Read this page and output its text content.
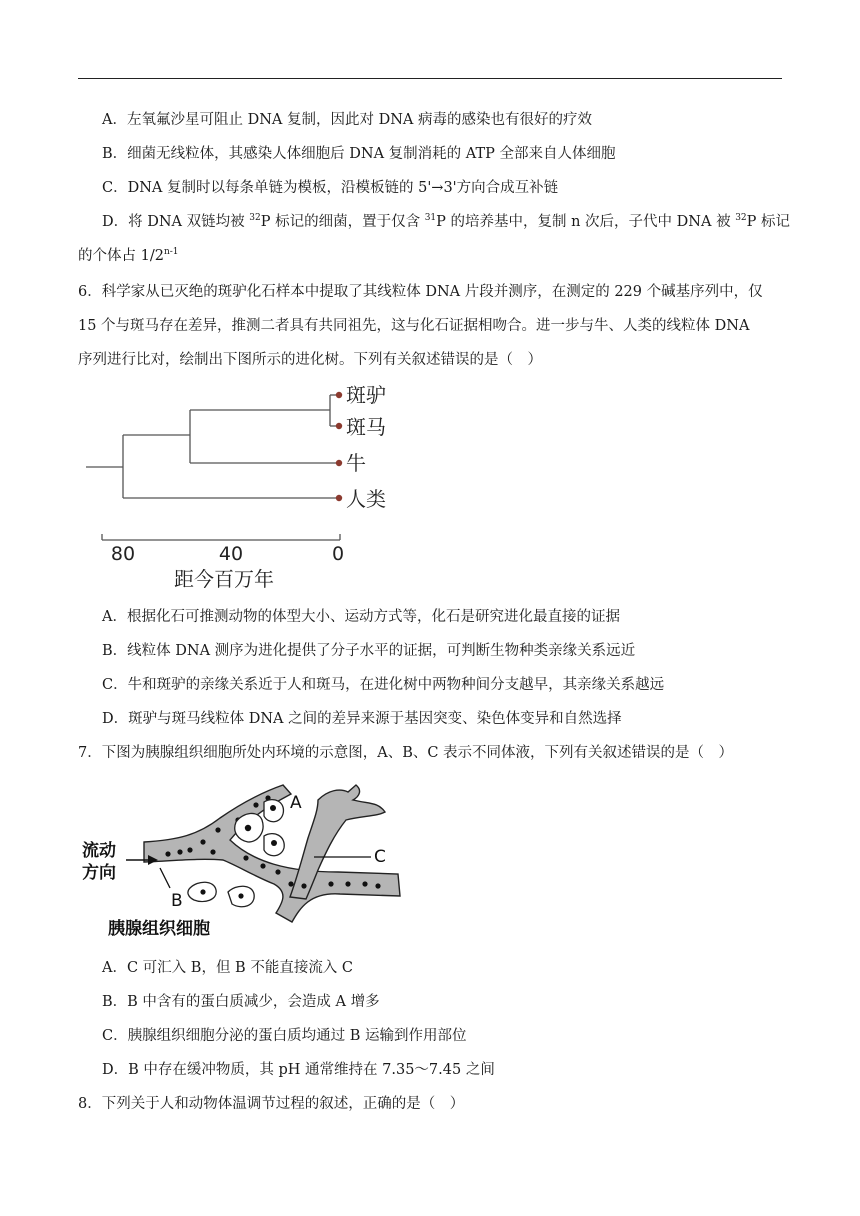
A．左氧氟沙星可阻止 DNA 复制，因此对 DNA 病毒的感染也有很好的疗效
B．细菌无线粒体，其感染人体细胞后 DNA 复制消耗的 ATP 全部来自人体细胞
C．DNA 复制时以每条单链为模板，沿模板链的 5'→3'方向合成互补链
D．将 DNA 双链均被 $^{32}$P 标记的细菌，置于仅含 $^{31}$P 的培养基中，复制 n 次后，子代中 DNA 被 $^{32}$P 标记
的个体占 1/2$^{n-1}$
6．科学家从已灭绝的斑驴化石样本中提取了其线粒体 DNA 片段并测序，在测定的 229 个碱基序列中，仅
15 个与斑马存在差异，推测二者具有共同祖先，这与化石证据相吻合。进一步与牛、人类的线粒体 DNA
序列进行比对，绘制出下图所示的进化树。下列有关叙述错误的是（　）
斑驴
斑马
牛
人类
80	40	0
距今百万年
A．根据化石可推测动物的体型大小、运动方式等，化石是研究进化最直接的证据
B．线粒体 DNA 测序为进化提供了分子水平的证据，可判断生物种类亲缘关系远近
C．牛和斑驴的亲缘关系近于人和斑马，在进化树中两物种间分支越早，其亲缘关系越远
D．斑驴与斑马线粒体 DNA 之间的差异来源于基因突变、染色体变异和自然选择
7．下图为胰腺组织细胞所处内环境的示意图，A、B、C 表示不同体液，下列有关叙述错误的是（　）
A
C
B
流动
方向
胰腺组织细胞
A．C 可汇入 B，但 B 不能直接流入 C
B．B 中含有的蛋白质减少，会造成 A 增多
C．胰腺组织细胞分泌的蛋白质均通过 B 运输到作用部位
D．B 中存在缓冲物质，其 pH 通常维持在 7.35～7.45 之间
8．下列关于人和动物体温调节过程的叙述，正确的是（　）
